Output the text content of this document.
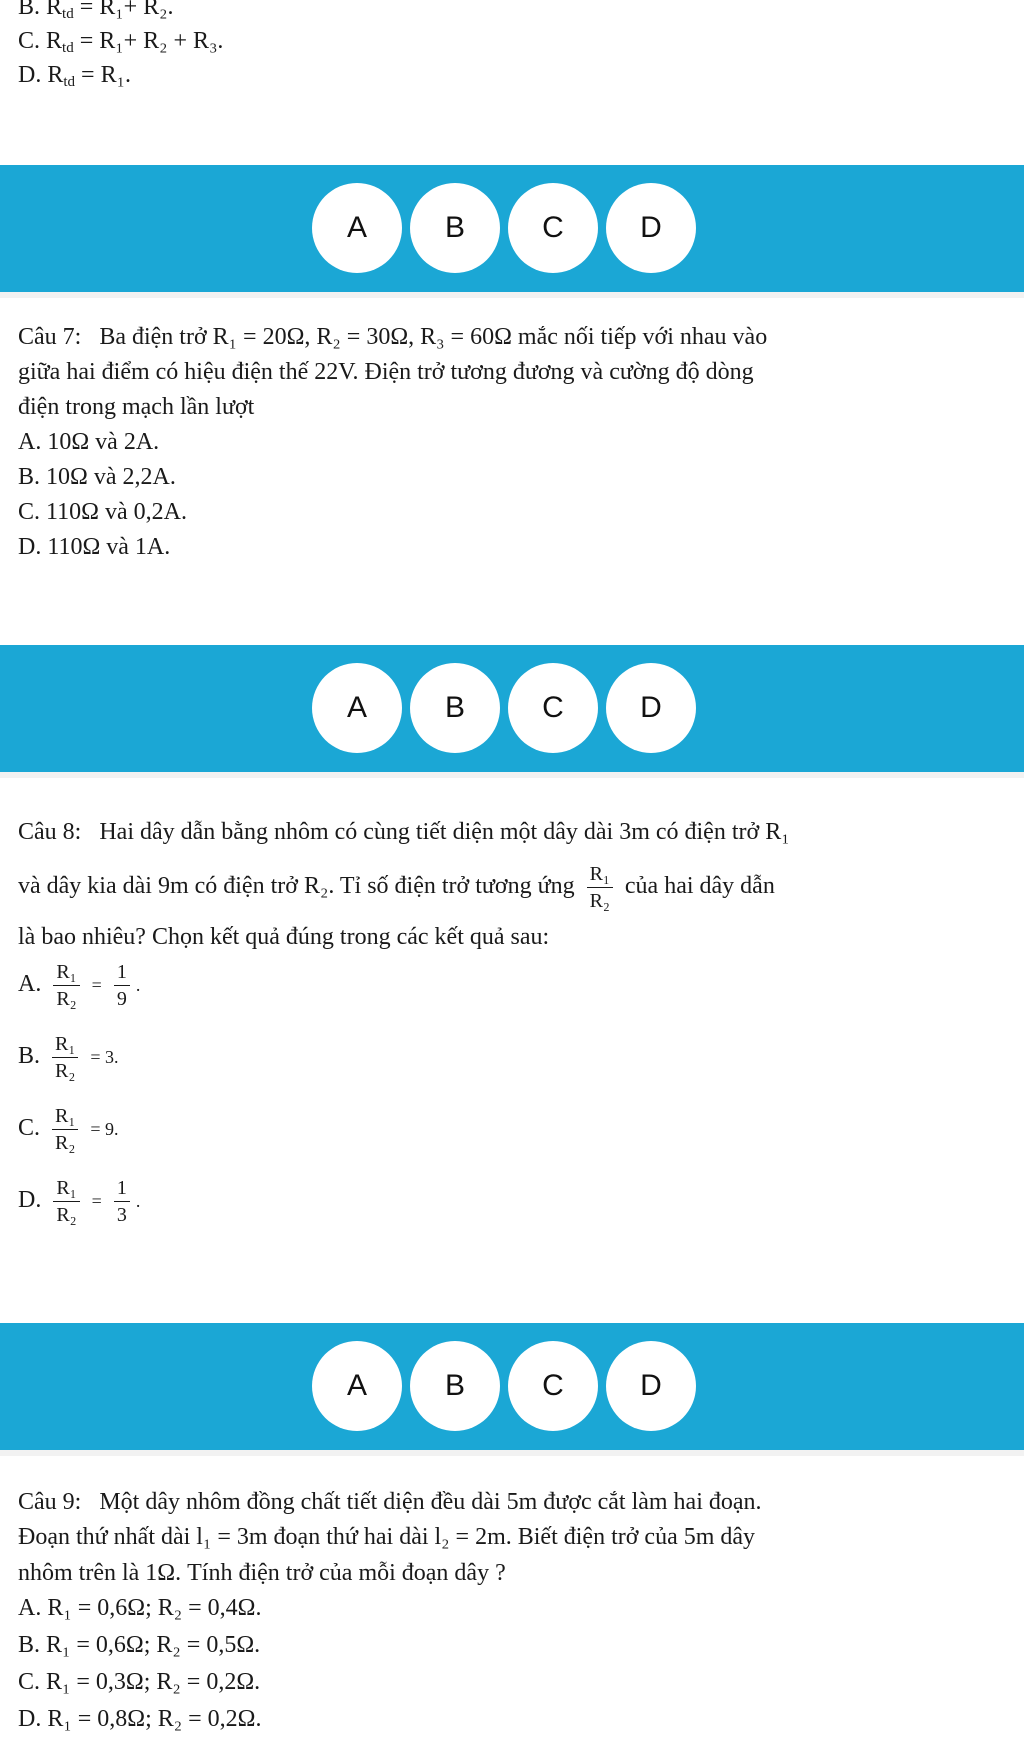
B. $R_{td} = R_1+ R_2$.
C. $R_{td} = R_1+ R_2 + R_3$.
D. $R_{td} = R_1$.
A	B	C	D
Câu 7: Ba điện trở R₁ = 20Ω, R₂ = 30Ω, R₃ = 60Ω mắc nối tiếp với nhau vào
giữa hai điểm có hiệu điện thế 22V. Điện trở tương đương và cường độ dòng
điện trong mạch lần lượt
A. 10Ω và 2A.
B. 10Ω và 2,2A.
C. 110Ω và 0,2A.
D. 110Ω và 1A.
A	B	C	D
Câu 8: Hai dây dẫn bằng nhôm có cùng tiết diện một dây dài 3m có điện trở R₁
và dây kia dài 9m có điện trở R₂. Tỉ số điện trở tương ứng $\frac{\text{R₁}}{\text{R₂}}$ của hai dây dẫn
là bao nhiêu? Chọn kết quả đúng trong các kết quả sau:
A. $\frac{\text{R₁}}{\text{R₂}} = \frac{1}{9}$ .
B. $\frac{\text{R₁}}{\text{R₂}} = 3$.
C. $\frac{\text{R₁}}{\text{R₂}} = 9$.
D. $\frac{\text{R₁}}{\text{R₂}} = \frac{1}{3}$ .
A	B	C	D
Câu 9: Một dây nhôm đồng chất tiết diện đều dài 5m được cắt làm hai đoạn.
Đoạn thứ nhất dài l₁ = 3m đoạn thứ hai dài l₂ = 2m. Biết điện trở của 5m dây
nhôm trên là 1Ω. Tính điện trở của mỗi đoạn dây ?
A. R₁ = 0,6Ω; R₂ = 0,4Ω.
B. R₁ = 0,6Ω; R₂ = 0,5Ω.
C. R₁ = 0,3Ω; R₂ = 0,2Ω.
D. R₁ = 0,8Ω; R₂ = 0,2Ω.
